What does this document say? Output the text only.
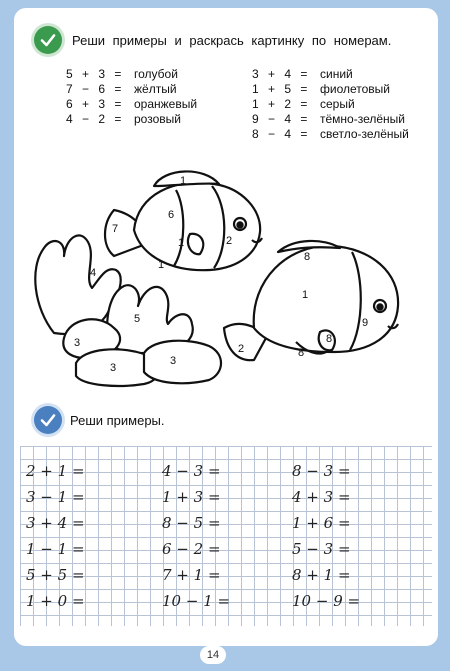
Реши примеры и раскрась картинку по номерам.
5 + 3 =	голубой
7 − 6 =	жёлтый
6 + 3 =	оранжевый
4 − 2 =	розовый
3 + 4 =	синий
1 + 5 =	фиолетовый
1 + 2 =	серый
9 − 4 =	тёмно-зелёный
8 − 4 =	светло-зелёный
1
6
7
1	2
1
4
5
3
3
3
8
1
2
8
8
9
Реши примеры.
2 + 1 =	4 − 3 =	8 − 3 =
3 − 1 =	1 + 3 =	4 + 3 =
3 + 4 =	8 − 5 =	1 + 6 =
1 − 1 =	6 − 2 =	5 − 3 =
5 + 5 =	7 + 1 =	8 + 1 =
1 + 0 =	10 − 1 =	10 − 9 =
14
